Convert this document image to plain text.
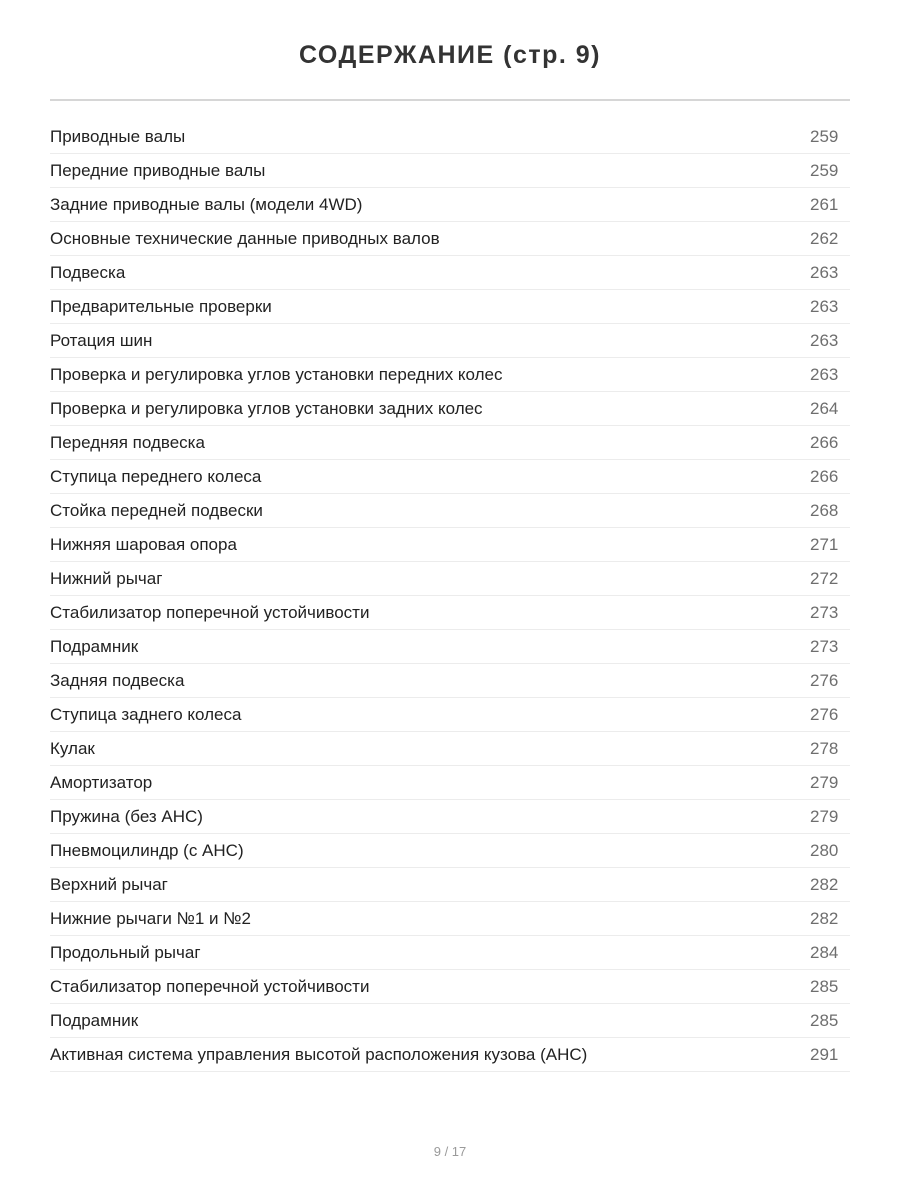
СОДЕРЖАНИЕ (стр. 9)
Приводные валы	259
Передние приводные валы	259
Задние приводные валы (модели 4WD)	261
Основные технические данные приводных валов	262
Подвеска	263
Предварительные проверки	263
Ротация шин	263
Проверка и регулировка углов установки передних колес	263
Проверка и регулировка углов установки задних колес	264
Передняя подвеска	266
Ступица переднего колеса	266
Стойка передней подвески	268
Нижняя шаровая опора	271
Нижний рычаг	272
Стабилизатор поперечной устойчивости	273
Подрамник	273
Задняя подвеска	276
Ступица заднего колеса	276
Кулак	278
Амортизатор	279
Пружина (без AHC)	279
Пневмоцилиндр (с AHC)	280
Верхний рычаг	282
Нижние рычаги №1 и №2	282
Продольный рычаг	284
Стабилизатор поперечной устойчивости	285
Подрамник	285
Активная система управления высотой расположения кузова (AHC)	291
9 / 17
